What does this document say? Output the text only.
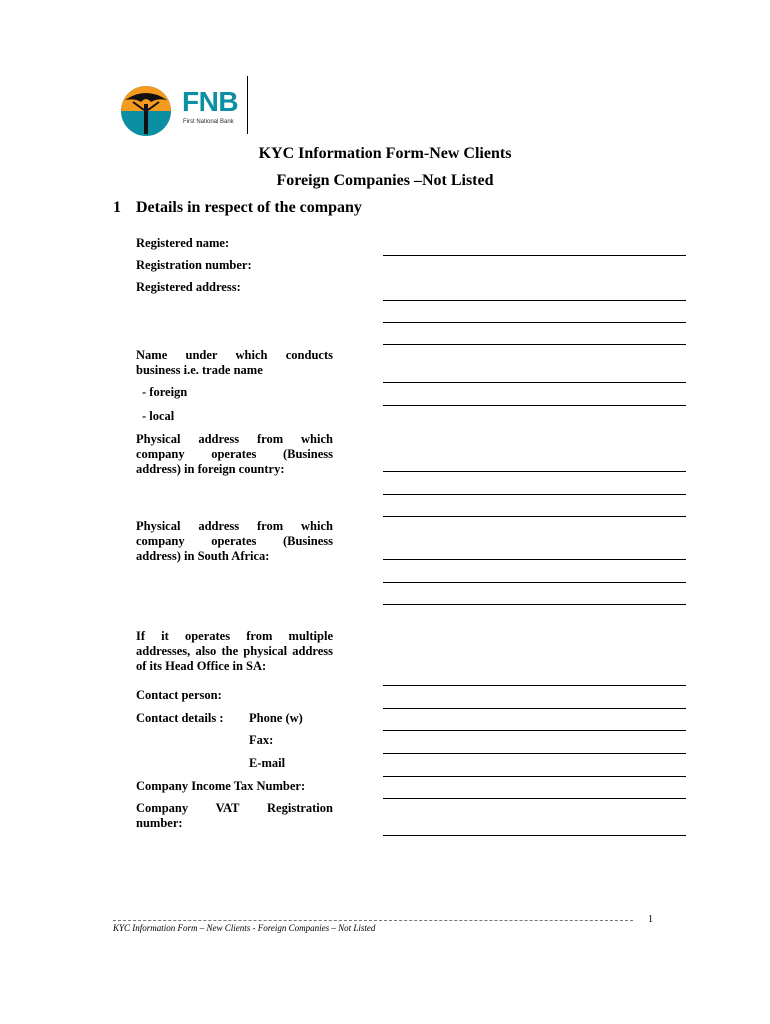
FNB
First National Bank
KYC Information Form-New Clients
Foreign Companies –Not Listed
1 Details in respect of the company
Registered name:
Registration number:
Registered address:
Name under which conducts business i.e. trade name
- foreign
- local
Physical address from which company operates (Business address) in foreign country:
Physical address from which company operates (Business address) in South Africa:
If it operates from multiple addresses, also the physical address of its Head Office in SA:
Contact person:
Contact details :	Phone (w)
Fax:
E-mail
Company Income Tax Number:
Company VAT Registration number:
KYC Information Form – New Clients - Foreign Companies – Not Listed
1
